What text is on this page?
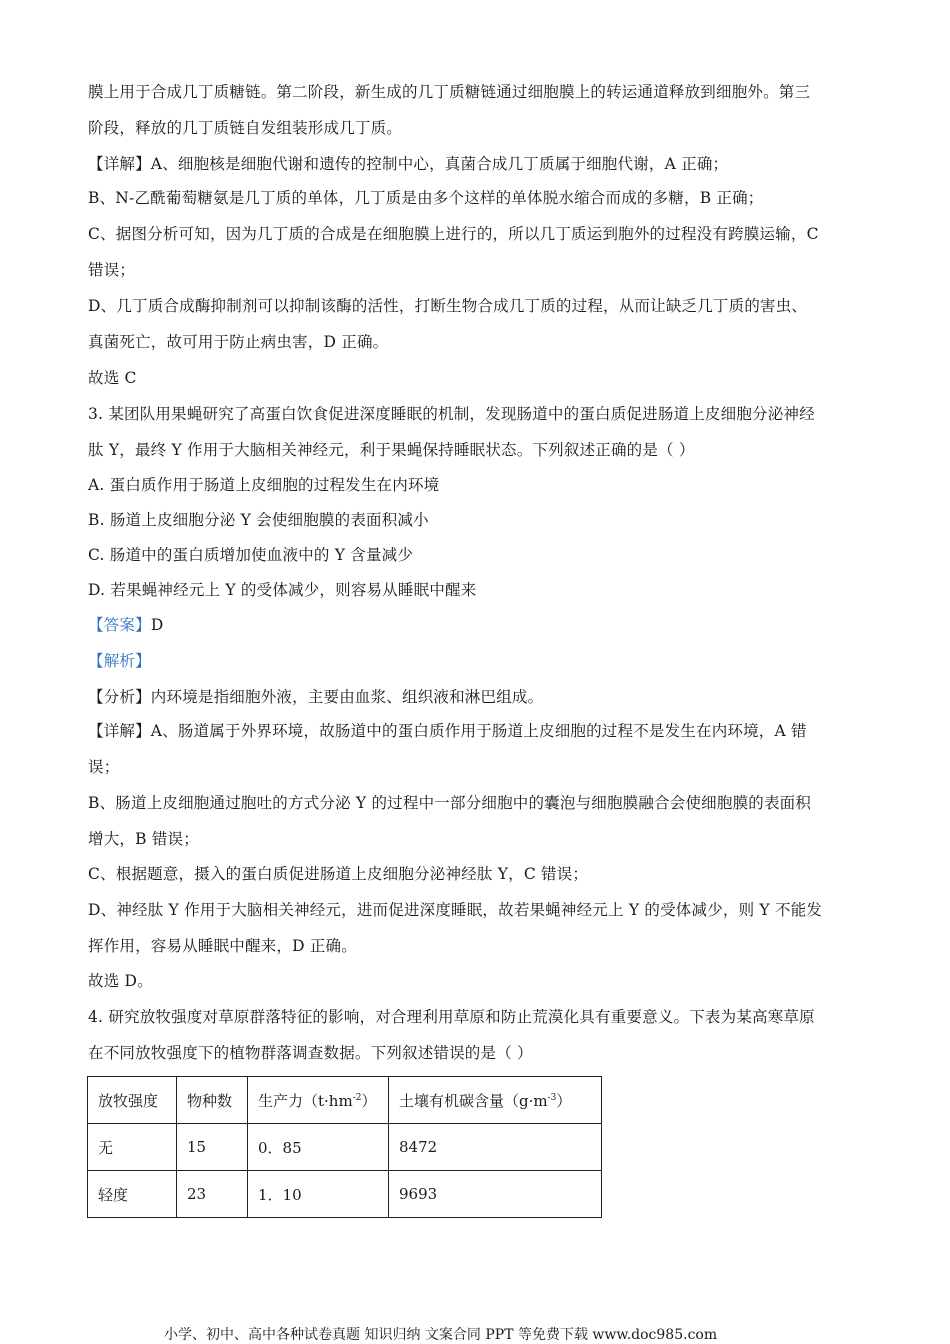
膜上用于合成几丁质糖链。第二阶段，新生成的几丁质糖链通过细胞膜上的转运通道释放到细胞外。第三
阶段，释放的几丁质链自发组装形成几丁质。
【详解】A、细胞核是细胞代谢和遗传的控制中心，真菌合成几丁质属于细胞代谢，A 正确；
B、N-乙酰葡萄糖氨是几丁质的单体，几丁质是由多个这样的单体脱水缩合而成的多糖，B 正确；
C、据图分析可知，因为几丁质的合成是在细胞膜上进行的，所以几丁质运到胞外的过程没有跨膜运输，C
错误；
D、几丁质合成酶抑制剂可以抑制该酶的活性，打断生物合成几丁质的过程，从而让缺乏几丁质的害虫、
真菌死亡，故可用于防止病虫害，D 正确。
故选 C
3. 某团队用果蝇研究了高蛋白饮食促进深度睡眠的机制，发现肠道中的蛋白质促进肠道上皮细胞分泌神经
肽 Y，最终 Y 作用于大脑相关神经元，利于果蝇保持睡眠状态。下列叙述正确的是（ ）
A. 蛋白质作用于肠道上皮细胞的过程发生在内环境
B. 肠道上皮细胞分泌 Y 会使细胞膜的表面积减小
C. 肠道中的蛋白质增加使血液中的 Y 含量减少
D. 若果蝇神经元上 Y 的受体减少，则容易从睡眠中醒来
【答案】D
【解析】
【分析】内环境是指细胞外液，主要由血浆、组织液和淋巴组成。
【详解】A、肠道属于外界环境，故肠道中的蛋白质作用于肠道上皮细胞的过程不是发生在内环境，A 错
误；
B、肠道上皮细胞通过胞吐的方式分泌 Y 的过程中一部分细胞中的囊泡与细胞膜融合会使细胞膜的表面积
增大，B 错误；
C、根据题意，摄入的蛋白质促进肠道上皮细胞分泌神经肽 Y，C 错误；
D、神经肽 Y 作用于大脑相关神经元，进而促进深度睡眠，故若果蝇神经元上 Y 的受体减少，则 Y 不能发
挥作用，容易从睡眠中醒来，D 正确。
故选 D。
4. 研究放牧强度对草原群落特征的影响，对合理利用草原和防止荒漠化具有重要意义。下表为某高寒草原
在不同放牧强度下的植物群落调查数据。下列叙述错误的是（ ）
放牧强度	物种数	生产力$(t\cdot hm^{-2})$	土壤有机碳含量$(g\cdot m^{-3})$
无	15	0．85	8472
轻度	23	1．10	9693
小学、初中、高中各种试卷真题 知识归纳 文案合同 PPT 等免费下载 www.doc985.com
